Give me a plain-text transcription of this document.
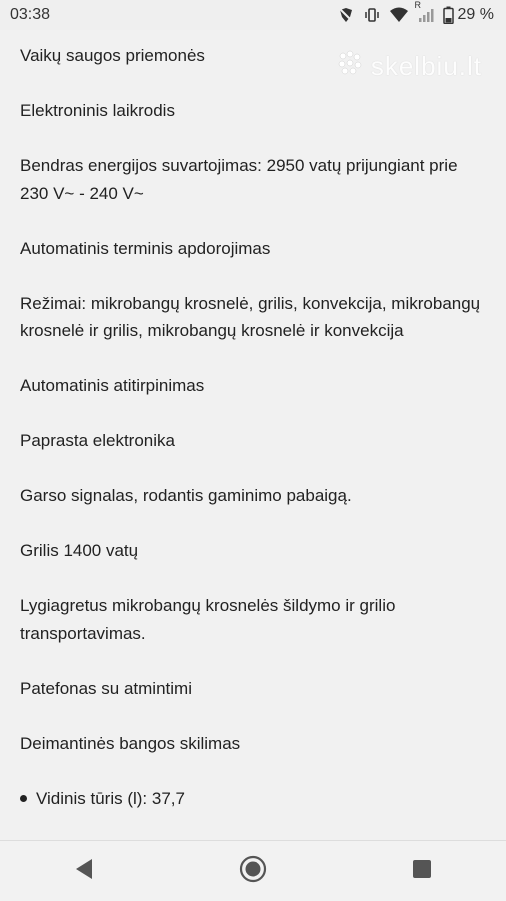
03:38
R
29 %
skelbiu.lt
Vaikų saugos priemonės
Elektroninis laikrodis
Bendras energijos suvartojimas: 2950 vatų prijungiant prie 230 V~ - 240 V~
Automatinis terminis apdorojimas
Režimai: mikrobangų krosnelė, grilis, konvekcija, mikrobangų krosnelė ir grilis, mikrobangų krosnelė ir konvekcija
Automatinis atitirpinimas
Paprasta elektronika
Garso signalas, rodantis gaminimo pabaigą.
Grilis 1400 vatų
Lygiagretus mikrobangų krosnelės šildymo ir grilio transportavimas.
Patefonas su atmintimi
Deimantinės bangos skilimas
Vidinis tūris (l): 37,7
